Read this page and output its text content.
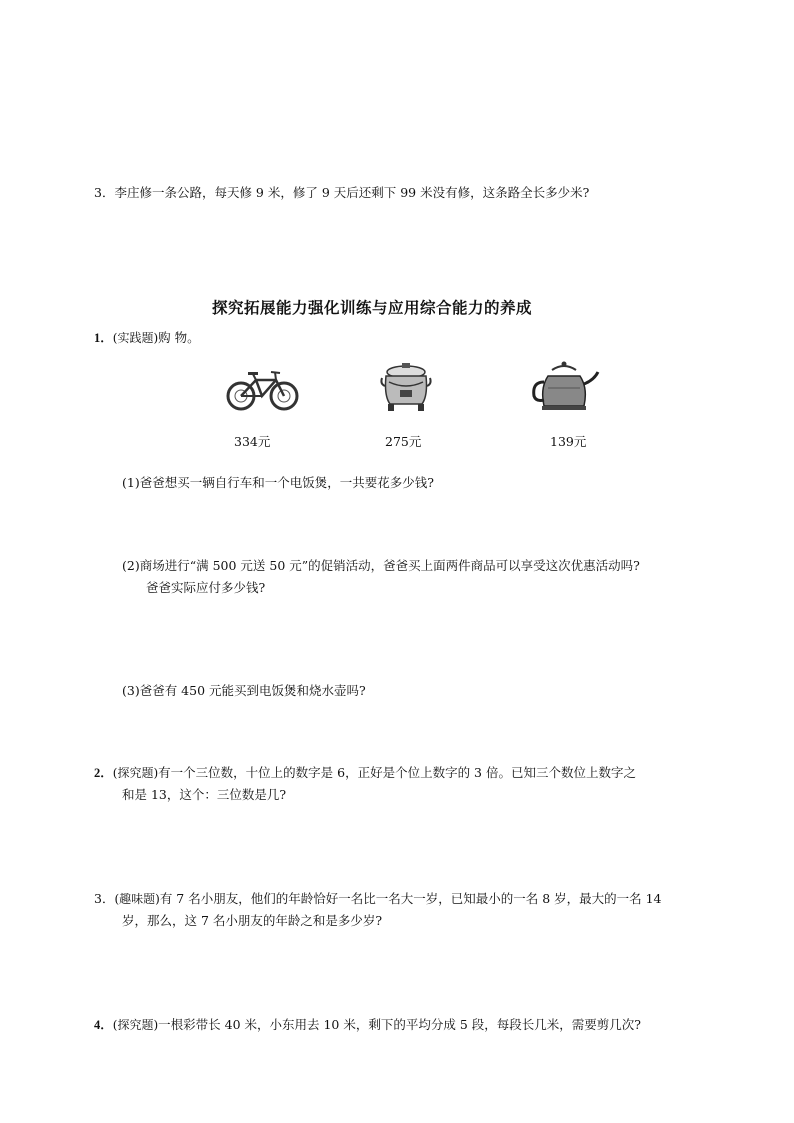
3．李庄修一条公路，每天修 9 米，修了 9 天后还剩下 99 米没有修，这条路全长多少米?
探究拓展能力强化训练与应用综合能力的养成
1．(实践题)购 物。
334元	275元	139元
(1)爸爸想买一辆自行车和一个电饭煲，一共要花多少钱?
(2)商场进行“满 500 元送 50 元”的促销活动，爸爸买上面两件商品可以享受这次优惠活动吗?
爸爸实际应付多少钱?
(3)爸爸有 450 元能买到电饭煲和烧水壶吗?
2．(探究题)有一个三位数，十位上的数字是 6，正好是个位上数字的 3 倍。已知三个数位上数字之
和是 13，这个：三位数是几?
3．(趣味题)有 7 名小朋友，他们的年龄恰好一名比一名大一岁，已知最小的一名 8 岁，最大的一名 14
岁，那么，这 7 名小朋友的年龄之和是多少岁?
4．(探究题)一根彩带长 40 米，小东用去 10 米，剩下的平均分成 5 段，每段长几米，需要剪几次?
